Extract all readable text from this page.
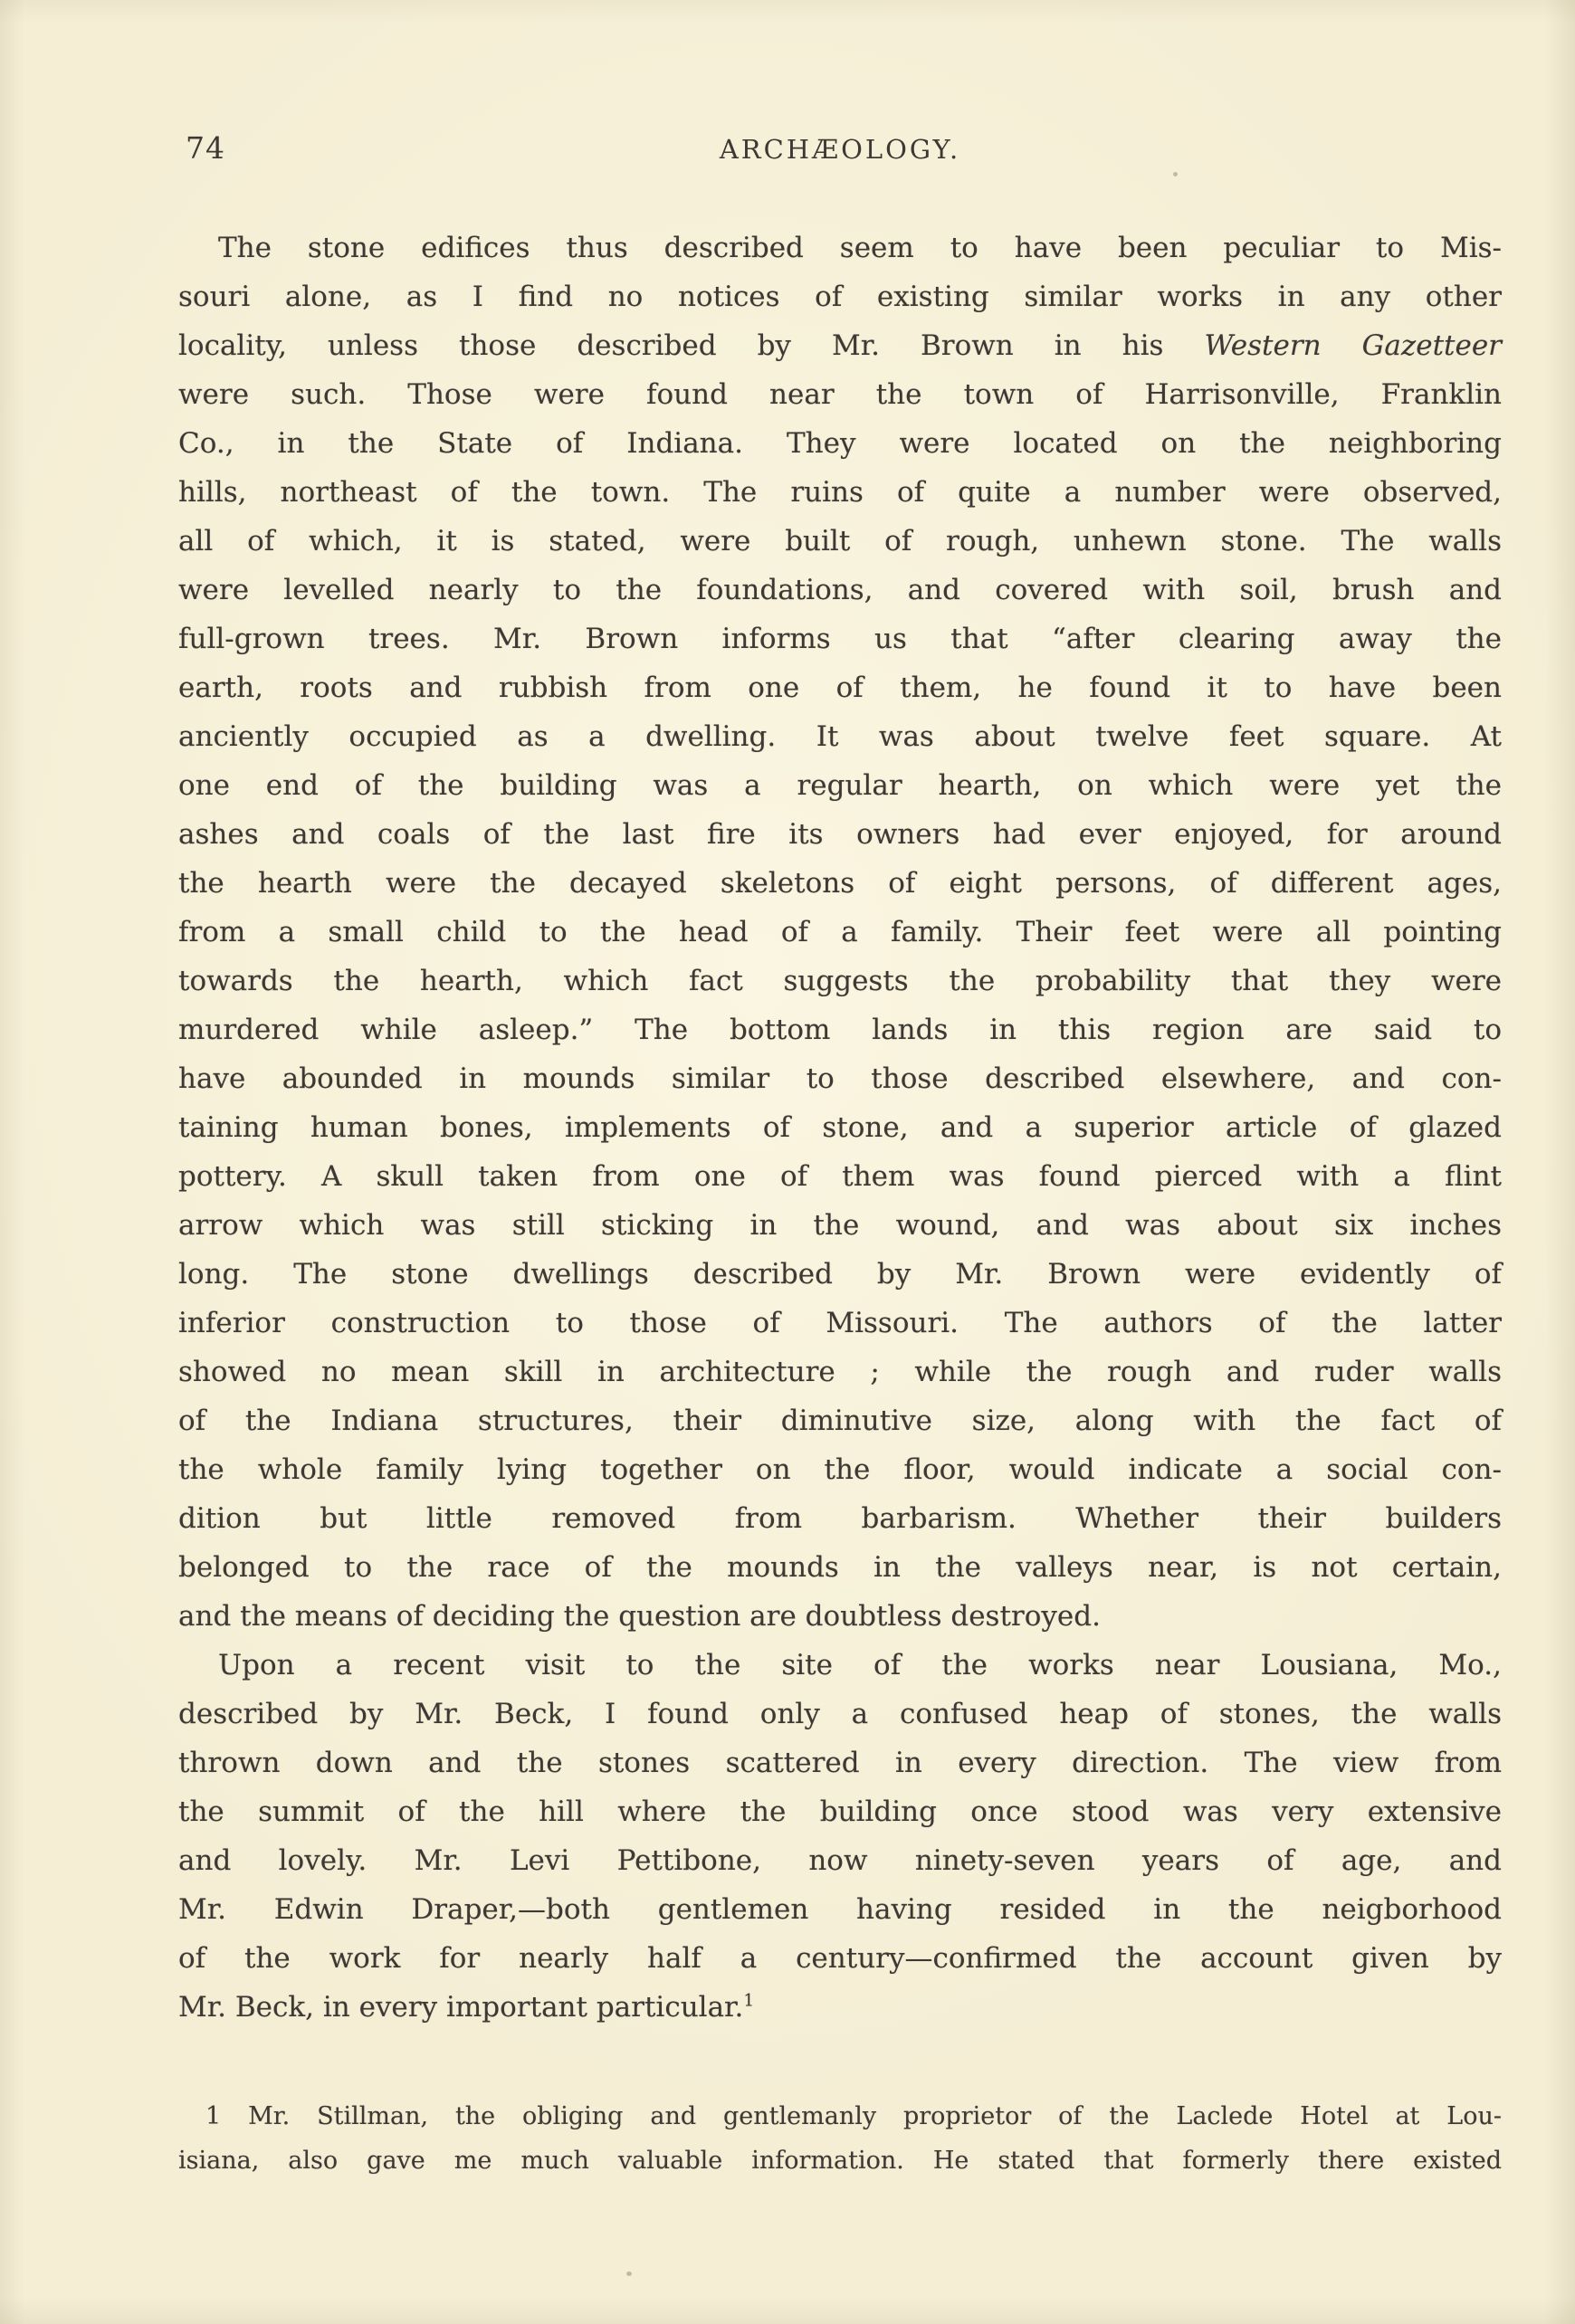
74	ARCHÆOLOGY.
The stone edifices thus described seem to have been peculiar to Mis-
souri alone, as I find no notices of existing similar works in any other
locality, unless those described by Mr. Brown in his Western Gazetteer
were such. Those were found near the town of Harrisonville, Franklin
Co., in the State of Indiana. They were located on the neighboring
hills, northeast of the town. The ruins of quite a number were observed,
all of which, it is stated, were built of rough, unhewn stone. The walls
were levelled nearly to the foundations, and covered with soil, brush and
full-grown trees. Mr. Brown informs us that “after clearing away the
earth, roots and rubbish from one of them, he found it to have been
anciently occupied as a dwelling. It was about twelve feet square. At
one end of the building was a regular hearth, on which were yet the
ashes and coals of the last fire its owners had ever enjoyed, for around
the hearth were the decayed skeletons of eight persons, of different ages,
from a small child to the head of a family. Their feet were all pointing
towards the hearth, which fact suggests the probability that they were
murdered while asleep.” The bottom lands in this region are said to
have abounded in mounds similar to those described elsewhere, and con-
taining human bones, implements of stone, and a superior article of glazed
pottery. A skull taken from one of them was found pierced with a flint
arrow which was still sticking in the wound, and was about six inches
long. The stone dwellings described by Mr. Brown were evidently of
inferior construction to those of Missouri. The authors of the latter
showed no mean skill in architecture ; while the rough and ruder walls
of the Indiana structures, their diminutive size, along with the fact of
the whole family lying together on the floor, would indicate a social con-
dition but little removed from barbarism. Whether their builders
belonged to the race of the mounds in the valleys near, is not certain,
and the means of deciding the question are doubtless destroyed.
Upon a recent visit to the site of the works near Lousiana, Mo.,
described by Mr. Beck, I found only a confused heap of stones, the walls
thrown down and the stones scattered in every direction. The view from
the summit of the hill where the building once stood was very extensive
and lovely. Mr. Levi Pettibone, now ninety-seven years of age, and
Mr. Edwin Draper,—both gentlemen having resided in the neigborhood
of the work for nearly half a century—confirmed the account given by
Mr. Beck, in every important particular.$^1$
1 Mr. Stillman, the obliging and gentlemanly proprietor of the Laclede Hotel at Lou-
isiana, also gave me much valuable information. He stated that formerly there existed
